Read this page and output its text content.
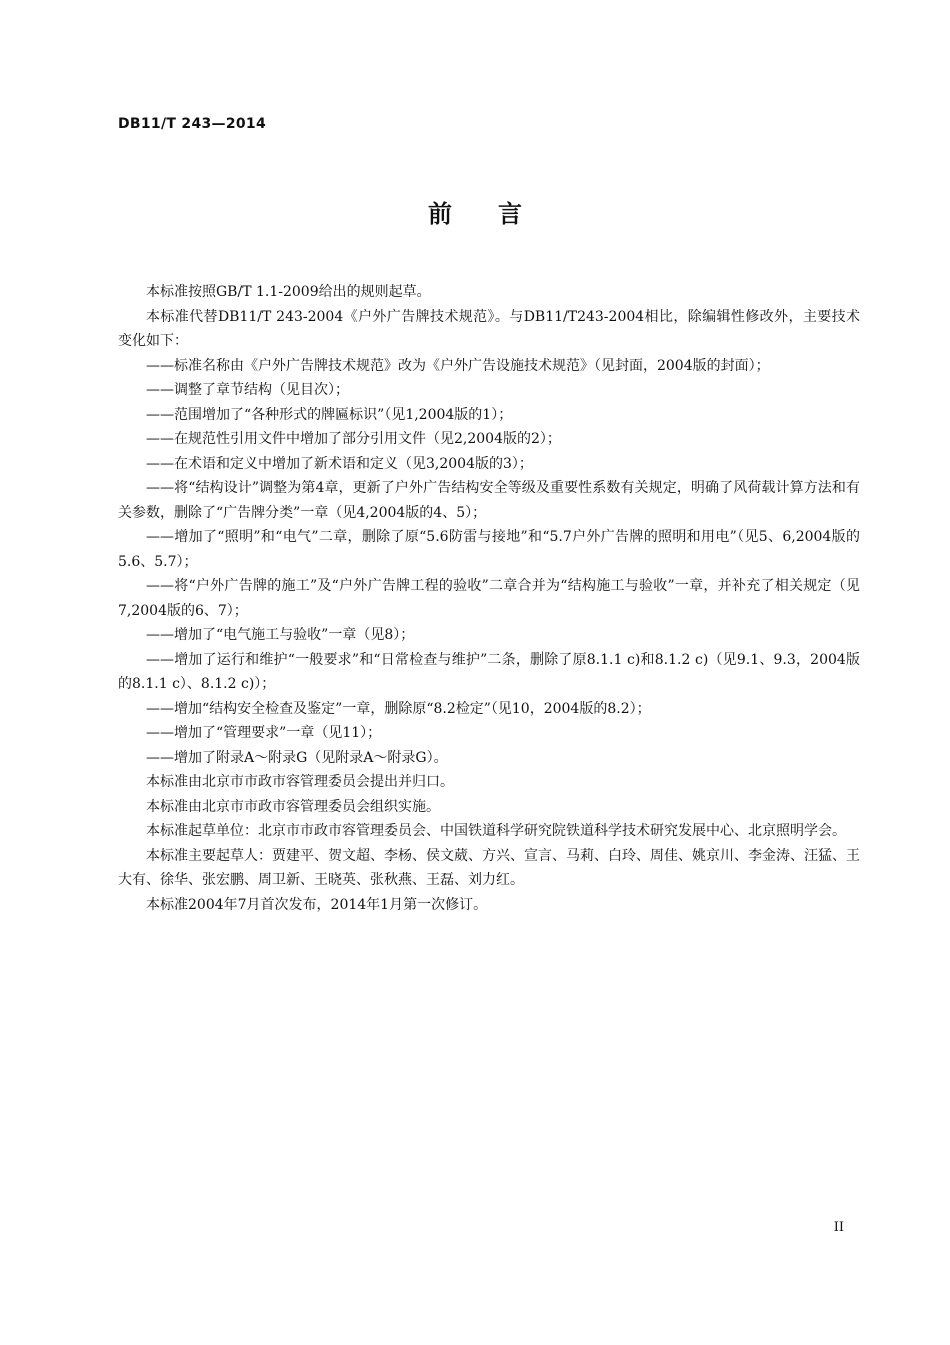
DB11/T 243—2014
前言

本标准按照GB/T 1.1-2009给出的规则起草。

本标准代替DB11/T 243-2004《户外广告牌技术规范》。与DB11/T243-2004相比，除编辑性修改外，主要技术变化如下：

——标准名称由《户外广告牌技术规范》改为《户外广告设施技术规范》（见封面，2004版的封面）；

——调整了章节结构（见目次）；

——范围增加了“各种形式的牌匾标识”（见1,2004版的1）；

——在规范性引用文件中增加了部分引用文件（见2,2004版的2）；

——在术语和定义中增加了新术语和定义（见3,2004版的3）；

——将“结构设计”调整为第4章，更新了户外广告结构安全等级及重要性系数有关规定，明确了风荷载计算方法和有关参数，删除了“广告牌分类”一章（见4,2004版的4、5）；

——增加了“照明”和“电气”二章，删除了原“5.6防雷与接地”和“5.7户外广告牌的照明和用电”（见5、6,2004版的5.6、5.7）；

——将“户外广告牌的施工”及“户外广告牌工程的验收”二章合并为“结构施工与验收”一章，并补充了相关规定（见7,2004版的6、7）；

——增加了“电气施工与验收”一章（见8）；

——增加了运行和维护“一般要求”和“日常检查与维护”二条，删除了原8.1.1 c)和8.1.2 c)（见9.1、9.3，2004版的8.1.1 c）、8.1.2 c)）；

——增加“结构安全检查及鉴定”一章，删除原“8.2检定”（见10，2004版的8.2）；

——增加了“管理要求”一章（见11）；

——增加了附录A～附录G（见附录A～附录G）。

本标准由北京市市政市容管理委员会提出并归口。

本标准由北京市市政市容管理委员会组织实施。

本标准起草单位：北京市市政市容管理委员会、中国铁道科学研究院铁道科学技术研究发展中心、北京照明学会。

本标准主要起草人：贾建平、贺文超、李杨、侯文葳、方兴、宣言、马莉、白玲、周佳、姚京川、李金涛、汪猛、王大有、徐华、张宏鹏、周卫新、王晓英、张秋燕、王磊、刘力红。

本标准2004年7月首次发布，2014年1月第一次修订。

II
